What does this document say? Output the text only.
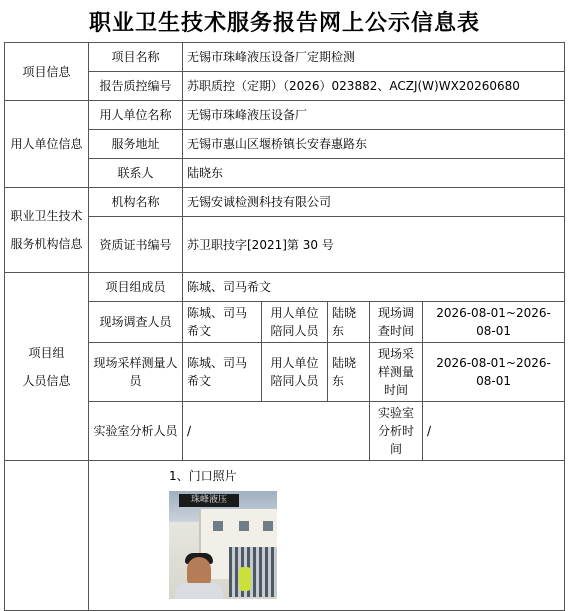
职业卫生技术服务报告网上公示信息表
项目信息	项目名称	无锡市珠峰液压设备厂定期检测				
	报告质控编号	苏职质控（定期）（2026）023882、ACZJ(W)WX20260680				
用人单位信息	用人单位名称	无锡市珠峰液压设备厂				
	服务地址	无锡市惠山区堰桥镇长安春惠路东				
	联系人	陆晓东				
职业卫生技术服务机构信息	机构名称	无锡安诚检测科技有限公司				
	资质证书编号	苏卫职技字[2021]第 30 号				

项目组
人员信息	项目组成员	陈城、司马希文				
	现场调查人员	陈城、司马希文	用人单位陪同人员	陆晓东	现场调查时间	2026-08-01~2026-08-01
	现场采样测量人员	陈城、司马希文	用人单位陪同人员	陆晓东	现场采样测量时间	2026-08-01~2026-08-01
	实验室分析人员	/			实验室分析时间	/

	1、门口照片
珠峰液压					
